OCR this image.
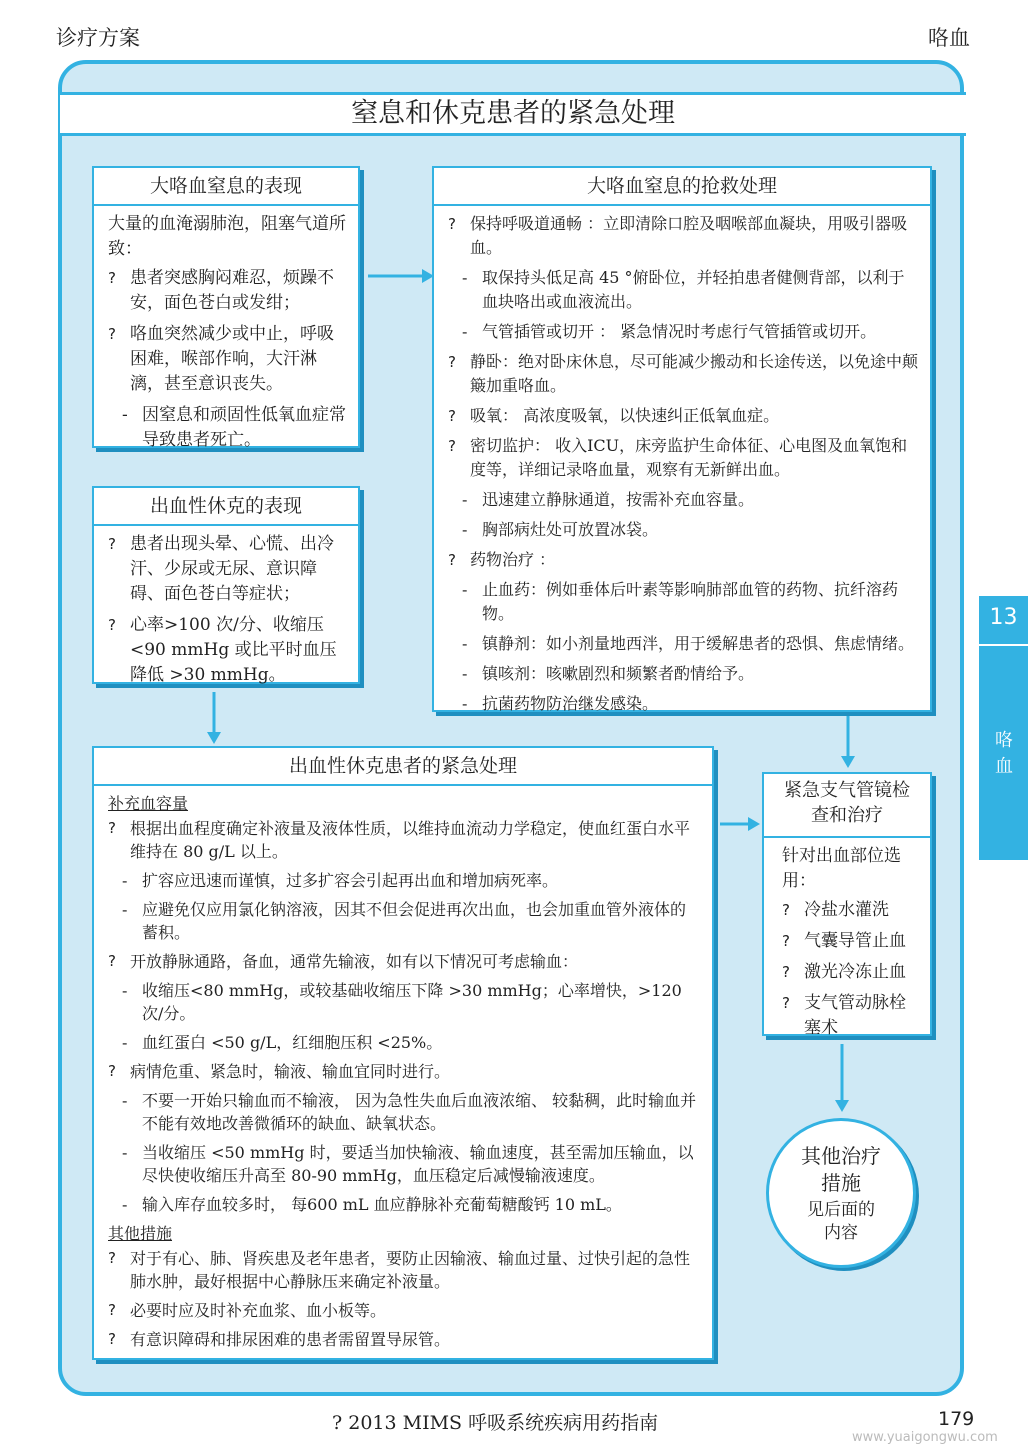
诊疗方案	咯血
窒息和休克患者的紧急处理
大咯血窒息的表现
大量的血淹溺肺泡，阻塞气道所致：
? 患者突感胸闷难忍，烦躁不安，面色苍白或发绀；
? 咯血突然减少或中止，呼吸困难，喉部作响，大汗淋漓，甚至意识丧失。
- 因窒息和顽固性低氧血症常导致患者死亡。
出血性休克的表现
? 患者出现头晕、心慌、出冷汗、少尿或无尿、意识障碍、面色苍白等症状；
? 心率>100 次/分、收缩压 <90 mmHg 或比平时血压降低 >30 mmHg。
大咯血窒息的抢救处理
? 保持呼吸道通畅 ：立即清除口腔及咽喉部血凝块，用吸引器吸血。
- 取保持头低足高 45 °俯卧位，并轻拍患者健侧背部，以利于血块咯出或血液流出。
- 气管插管或切开 ： 紧急情况时考虑行气管插管或切开。
? 静卧：绝对卧床休息，尽可能减少搬动和长途传送，以免途中颠簸加重咯血。
? 吸氧： 高浓度吸氧，以快速纠正低氧血症。
? 密切监护： 收入ICU，床旁监护生命体征、心电图及血氧饱和度等，详细记录咯血量，观察有无新鲜出血。
- 迅速建立静脉通道，按需补充血容量。
- 胸部病灶处可放置冰袋。
? 药物治疗 ：
- 止血药：例如垂体后叶素等影响肺部血管的药物、抗纤溶药物。
- 镇静剂：如小剂量地西泮，用于缓解患者的恐惧、焦虑情绪。
- 镇咳剂：咳嗽剧烈和频繁者酌情给予。
- 抗菌药物防治继发感染。
出血性休克患者的紧急处理
补充血容量
? 根据出血程度确定补液量及液体性质，以维持血流动力学稳定，使血红蛋白水平维持在 80 g/L 以上。
- 扩容应迅速而谨慎，过多扩容会引起再出血和增加病死率。
- 应避免仅应用氯化钠溶液，因其不但会促进再次出血，也会加重血管外液体的蓄积。
? 开放静脉通路，备血，通常先输液，如有以下情况可考虑输血：
- 收缩压<80 mmHg，或较基础收缩压下降 >30 mmHg；心率增快，>120 次/分。
- 血红蛋白 <50 g/L，红细胞压积 <25%。
? 病情危重、紧急时，输液、输血宜同时进行。
- 不要一开始只输血而不输液， 因为急性失血后血液浓缩、 较黏稠，此时输血并不能有效地改善微循环的缺血、缺氧状态。
- 当收缩压 <50 mmHg 时，要适当加快输液、输血速度，甚至需加压输血，以尽快使收缩压升高至 80-90 mmHg，血压稳定后减慢输液速度。
- 输入库存血较多时， 每600 mL 血应静脉补充葡萄糖酸钙 10 mL。
其他措施
? 对于有心、肺、肾疾患及老年患者，要防止因输液、输血过量、过快引起的急性肺水肿，最好根据中心静脉压来确定补液量。
? 必要时应及时补充血浆、血小板等。
? 有意识障碍和排尿困难的患者需留置导尿管。
紧急支气管镜检查和治疗
针对出血部位选用：
? 冷盐水灌洗
? 气囊导管止血
? 激光冷冻止血
? 支气管动脉栓塞术
其他治疗措施
见后面的内容
13
咯血
? 2013 MIMS 呼吸系统疾病用药指南	179
www.yuaigongwu.com
